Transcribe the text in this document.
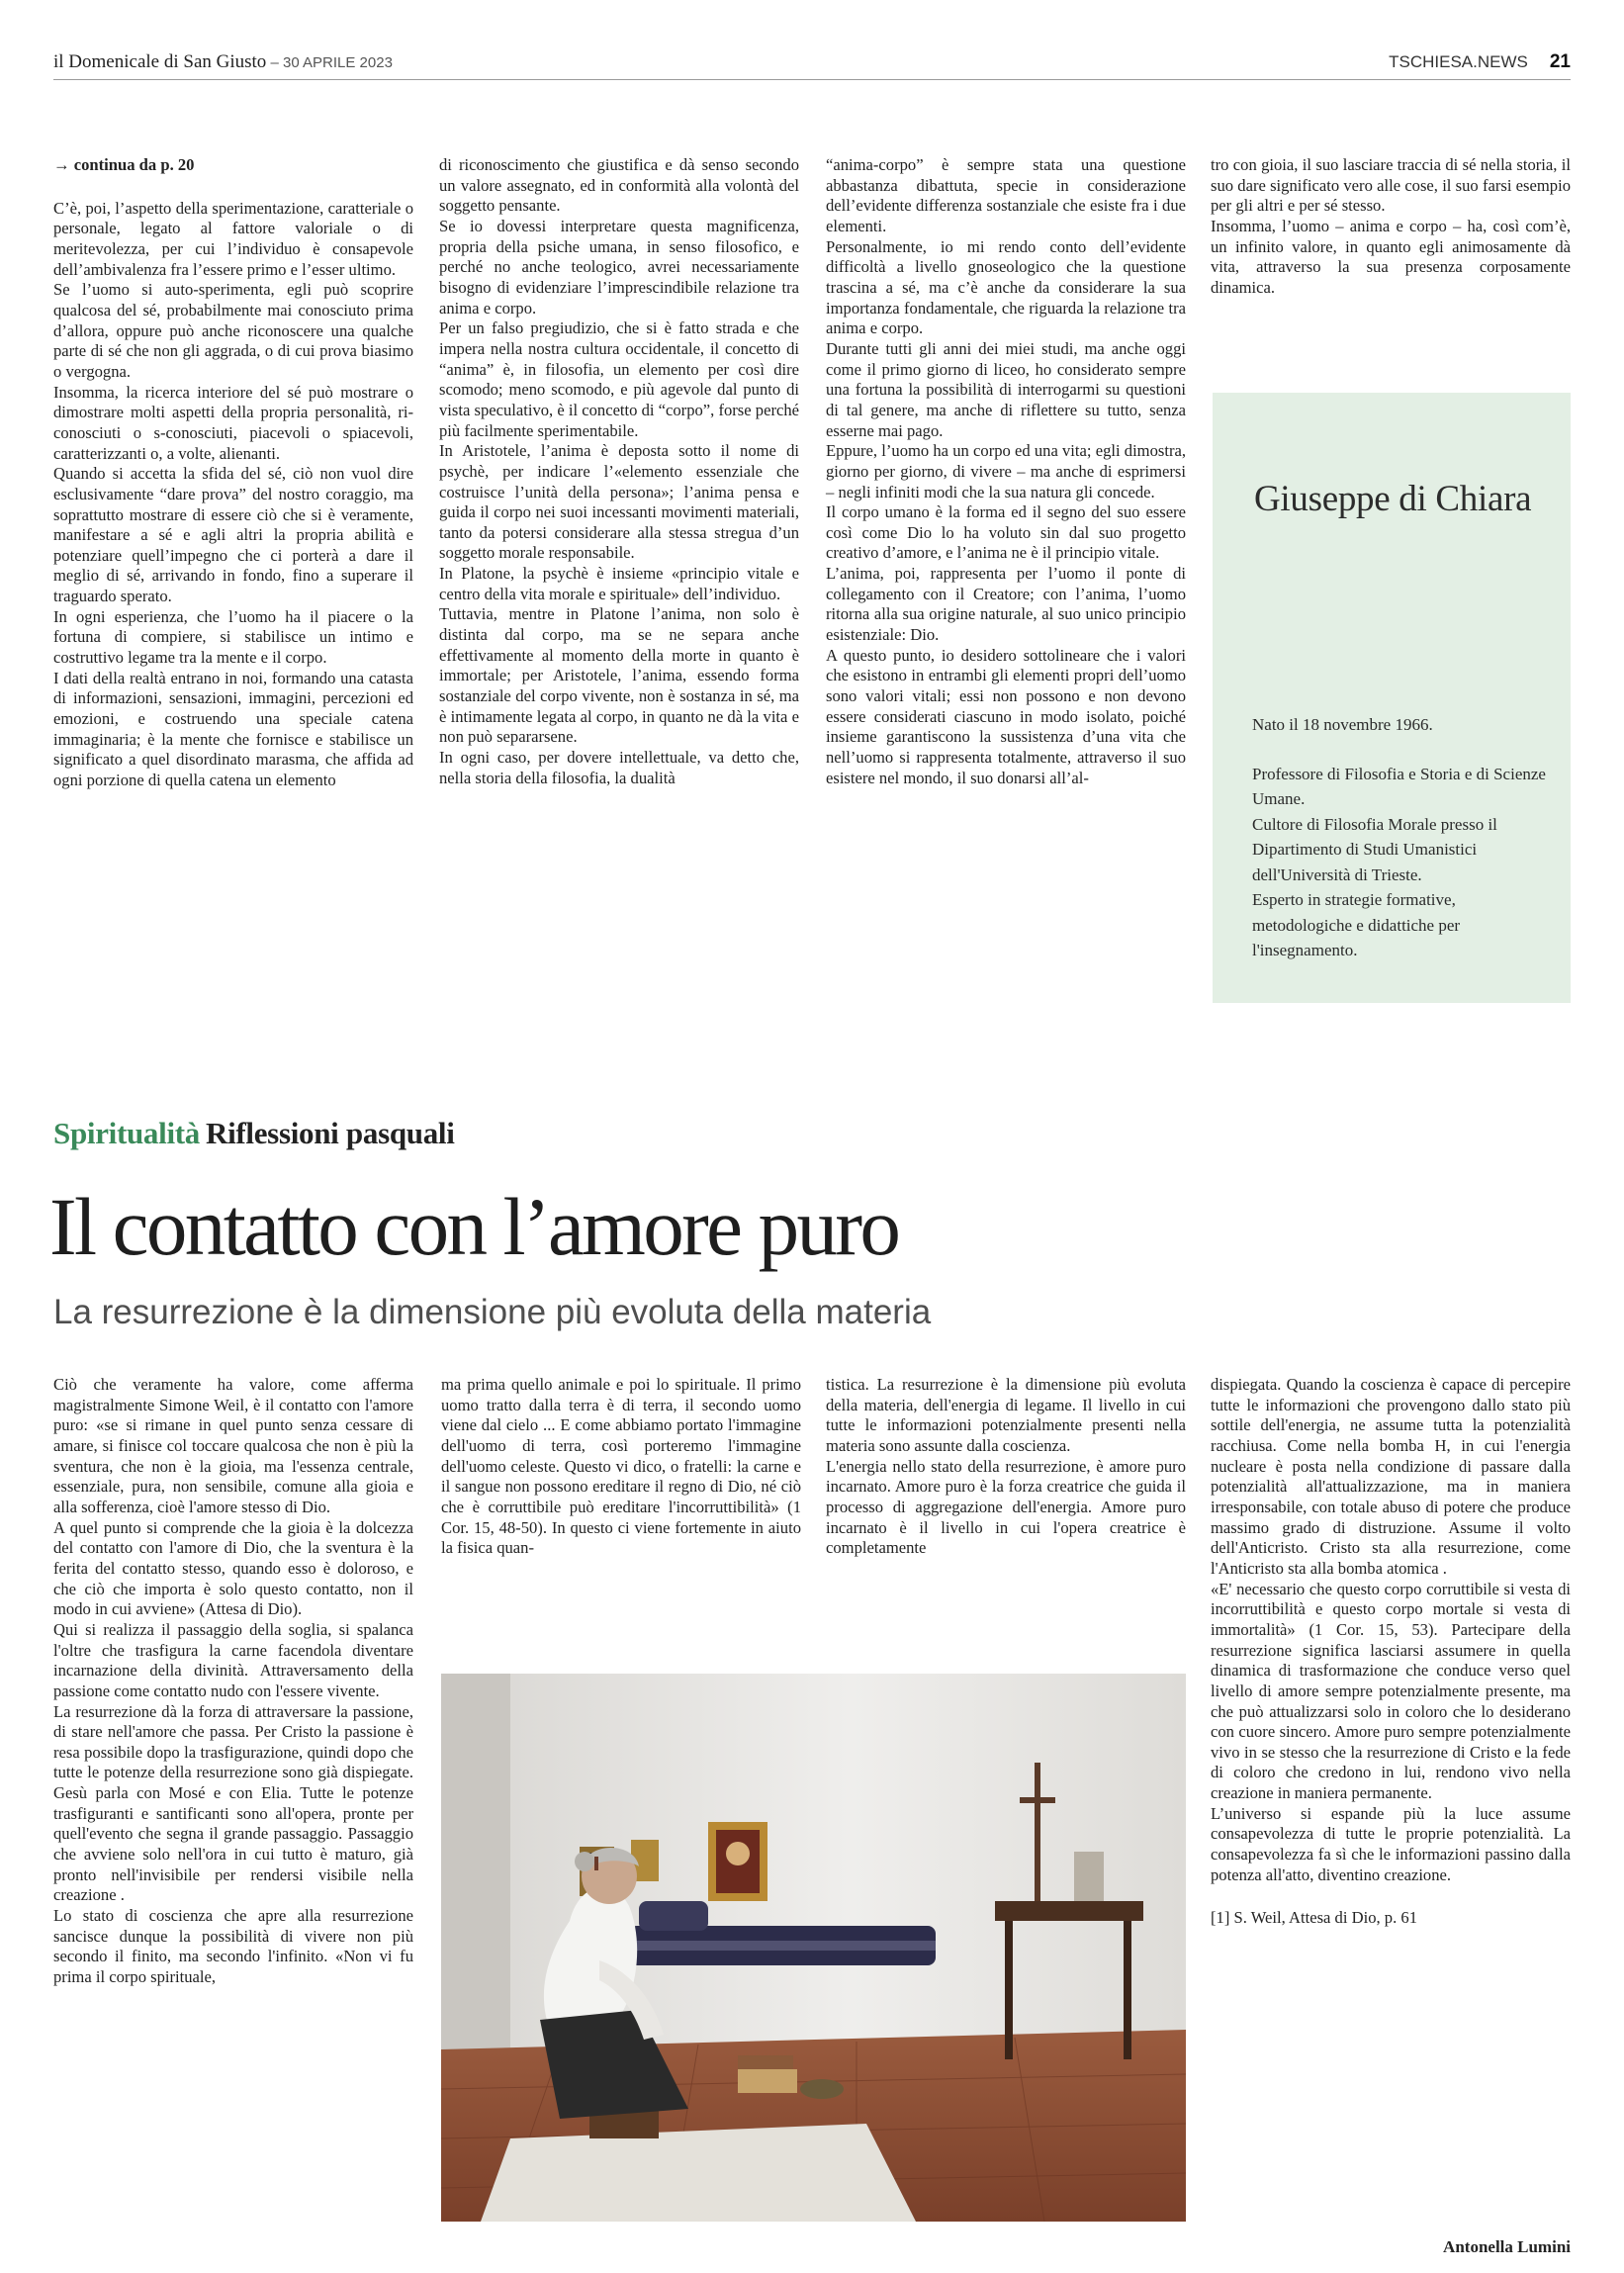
il Domenicale di San Giusto – 30 APRILE 2023	TSCHIESA.NEWS 21

→ continua da p. 20

C’è, poi, l’aspetto della sperimentazione, caratteriale o personale, legato al fattore valoriale o di meritevolezza, per cui l’individuo è consapevole dell’ambivalenza fra l’essere primo e l’esser ultimo.

Se l’uomo si auto-sperimenta, egli può scoprire qualcosa del sé, probabilmente mai conosciuto prima d’allora, oppure può anche riconoscere una qualche parte di sé che non gli aggrada, o di cui prova biasimo o vergogna.

Insomma, la ricerca interiore del sé può mostrare o dimostrare molti aspetti della propria personalità, ri-conosciuti o s-conosciuti, piacevoli o spiacevoli, caratterizzanti o, a volte, alienanti.

Quando si accetta la sfida del sé, ciò non vuol dire esclusivamente “dare prova” del nostro coraggio, ma soprattutto mostrare di essere ciò che si è veramente, manifestare a sé e agli altri la propria abilità e potenziare quell’impegno che ci porterà a dare il meglio di sé, arrivando in fondo, fino a superare il traguardo sperato.

In ogni esperienza, che l’uomo ha il piacere o la fortuna di compiere, si stabilisce un intimo e costruttivo legame tra la mente e il corpo.

I dati della realtà entrano in noi, formando una catasta di informazioni, sensazioni, immagini, percezioni ed emozioni, e costruendo una speciale catena immaginaria; è la mente che fornisce e stabilisce un significato a quel disordinato marasma, che affida ad ogni porzione di quella catena un elemento

di riconoscimento che giustifica e dà senso secondo un valore assegnato, ed in conformità alla volontà del soggetto pensante.

Se io dovessi interpretare questa magnificenza, propria della psiche umana, in senso filosofico, e perché no anche teologico, avrei necessariamente bisogno di evidenziare l’imprescindibile relazione tra anima e corpo.

Per un falso pregiudizio, che si è fatto strada e che impera nella nostra cultura occidentale, il concetto di “anima” è, in filosofia, un elemento per così dire scomodo; meno scomodo, e più agevole dal punto di vista speculativo, è il concetto di “corpo”, forse perché più facilmente sperimentabile.

In Aristotele, l’anima è deposta sotto il nome di psychè, per indicare l’«elemento essenziale che costruisce l’unità della persona»; l’anima pensa e guida il corpo nei suoi incessanti movimenti materiali, tanto da potersi considerare alla stessa stregua d’un soggetto morale responsabile.

In Platone, la psychè è insieme «principio vitale e centro della vita morale e spirituale» dell’individuo.

Tuttavia, mentre in Platone l’anima, non solo è distinta dal corpo, ma se ne separa anche effettivamente al momento della morte in quanto è immortale; per Aristotele, l’anima, essendo forma sostanziale del corpo vivente, non è sostanza in sé, ma è intimamente legata al corpo, in quanto ne dà la vita e non può separarsene.

In ogni caso, per dovere intellettuale, va detto che, nella storia della filosofia, la dualità

“anima-corpo” è sempre stata una questione abbastanza dibattuta, specie in considerazione dell’evidente differenza sostanziale che esiste fra i due elementi.

Personalmente, io mi rendo conto dell’evidente difficoltà a livello gnoseologico che la questione trascina a sé, ma c’è anche da considerare la sua importanza fondamentale, che riguarda la relazione tra anima e corpo.

Durante tutti gli anni dei miei studi, ma anche oggi come il primo giorno di liceo, ho considerato sempre una fortuna la possibilità di interrogarmi su questioni di tal genere, ma anche di riflettere su tutto, senza esserne mai pago.

Eppure, l’uomo ha un corpo ed una vita; egli dimostra, giorno per giorno, di vivere – ma anche di esprimersi – negli infiniti modi che la sua natura gli concede.

Il corpo umano è la forma ed il segno del suo essere così come Dio lo ha voluto sin dal suo progetto creativo d’amore, e l’anima ne è il principio vitale.

L’anima, poi, rappresenta per l’uomo il ponte di collegamento con il Creatore; con l’anima, l’uomo ritorna alla sua origine naturale, al suo unico principio esistenziale: Dio.

A questo punto, io desidero sottolineare che i valori che esistono in entrambi gli elementi propri dell’uomo sono valori vitali; essi non possono e non devono essere considerati ciascuno in modo isolato, poiché insieme garantiscono la sussistenza d’una vita che nell’uomo si rappresenta totalmente, attraverso il suo esistere nel mondo, il suo donarsi all’al-

tro con gioia, il suo lasciare traccia di sé nella storia, il suo dare significato vero alle cose, il suo farsi esempio per gli altri e per sé stesso.

Insomma, l’uomo – anima e corpo – ha, così com’è, un infinito valore, in quanto egli animosamente dà vita, attraverso la sua presenza corposamente dinamica.

Giuseppe di Chiara

Nato il 18 novembre 1966.

Professore di Filosofia e Storia e di Scienze Umane.

Cultore di Filosofia Morale presso il Dipartimento di Studi Umanistici dell'Università di Trieste.

Esperto in strategie formative, metodologiche e didattiche per l'insegnamento.

Spiritualità Riflessioni pasquali
Il contatto con l’amore puro
La resurrezione è la dimensione più evoluta della materia

Ciò che veramente ha valore, come afferma magistralmente Simone Weil, è il contatto con l'amore puro: «se si rimane in quel punto senza cessare di amare, si finisce col toccare qualcosa che non è più la sventura, che non è la gioia, ma l'essenza centrale, essenziale, pura, non sensibile, comune alla gioia e alla sofferenza, cioè l'amore stesso di Dio.

A quel punto si comprende che la gioia è la dolcezza del contatto con l'amore di Dio, che la sventura è la ferita del contatto stesso, quando esso è doloroso, e che ciò che importa è solo questo contatto, non il modo in cui avviene» (Attesa di Dio).

Qui si realizza il passaggio della soglia, si spalanca l'oltre che trasfigura la carne facendola diventare incarnazione della divinità. Attraversamento della passione come contatto nudo con l'essere vivente.

La resurrezione dà la forza di attraversare la passione, di stare nell'amore che passa. Per Cristo la passione è resa possibile dopo la trasfigurazione, quindi dopo che tutte le potenze della resurrezione sono già dispiegate. Gesù parla con Mosé e con Elia. Tutte le potenze trasfiguranti e santificanti sono all'opera, pronte per quell'evento che segna il grande passaggio. Passaggio che avviene solo nell'ora in cui tutto è maturo, già pronto nell'invisibile per rendersi visibile nella creazione .

Lo stato di coscienza che apre alla resurrezione sancisce dunque la possibilità di vivere non più secondo il finito, ma secondo l'infinito. «Non vi fu prima il corpo spirituale,

ma prima quello animale e poi lo spirituale. Il primo uomo tratto dalla terra è di terra, il secondo uomo viene dal cielo ... E come abbiamo portato l'immagine dell'uomo di terra, così porteremo l'immagine dell'uomo celeste. Questo vi dico, o fratelli: la carne e il sangue non possono ereditare il regno di Dio, né ciò che è corruttibile può ereditare l'incorruttibilità» (1 Cor. 15, 48-50). In questo ci viene fortemente in aiuto la fisica quan-

tistica. La resurrezione è la dimensione più evoluta della materia, dell'energia di legame. Il livello in cui tutte le informazioni potenzialmente presenti nella materia sono assunte dalla coscienza.

L'energia nello stato della resurrezione, è amore puro incarnato. Amore puro è la forza creatrice che guida il processo di aggregazione dell'energia. Amore puro incarnato è il livello in cui l'opera creatrice è completamente

dispiegata. Quando la coscienza è capace di percepire tutte le informazioni che provengono dallo stato più sottile dell'energia, ne assume tutta la potenzialità racchiusa. Come nella bomba H, in cui l'energia nucleare è posta nella condizione di passare dalla potenzialità all'attualizzazione, ma in maniera irresponsabile, con totale abuso di potere che produce massimo grado di distruzione. Assume il volto dell'Anticristo. Cristo sta alla resurrezione, come l'Anticristo sta alla bomba atomica .

«E' necessario che questo corpo corruttibile si vesta di incorruttibilità e questo corpo mortale si vesta di immortalità» (1 Cor. 15, 53). Partecipare della resurrezione significa lasciarsi assumere in quella dinamica di trasformazione che conduce verso quel livello di amore sempre potenzialmente presente, ma che può attualizzarsi solo in coloro che lo desiderano con cuore sincero. Amore puro sempre potenzialmente vivo in se stesso che la resurrezione di Cristo e la fede di coloro che credono in lui, rendono vivo nella creazione in maniera permanente.

L’universo si espande più la luce assume consapevolezza di tutte le proprie potenzialità. La consapevolezza fa sì che le informazioni passino dalla potenza all'atto, diventino creazione.

[1] S. Weil, Attesa di Dio, p. 61

Antonella Lumini
